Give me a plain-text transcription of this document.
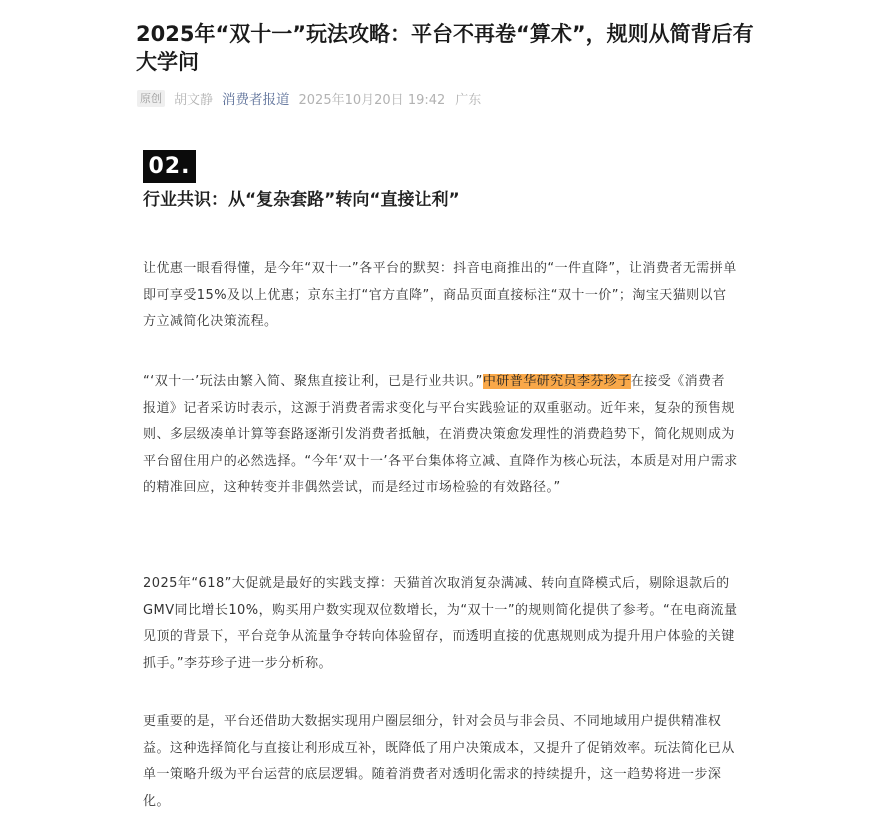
2025年“双十一”玩法攻略：平台不再卷“算术”，规则从简背后有大学问
原创 胡文静 消费者报道 2025年10月20日 19:42 广东
02.
行业共识：从“复杂套路”转向“直接让利”

让优惠一眼看得懂，是今年“双十一”各平台的默契：抖音电商推出的“一件直降”，让消费者无需拼单即可享受15%及以上优惠；京东主打“官方直降”，商品页面直接标注“双十一价”；淘宝天猫则以官方立减简化决策流程。

“‘双十一’玩法由繁入简、聚焦直接让利，已是行业共识。”中研普华研究员李芬珍子在接受《消费者报道》记者采访时表示，这源于消费者需求变化与平台实践验证的双重驱动。近年来，复杂的预售规则、多层级凑单计算等套路逐渐引发消费者抵触，在消费决策愈发理性的消费趋势下，简化规则成为平台留住用户的必然选择。“今年‘双十一’各平台集体将立减、直降作为核心玩法，本质是对用户需求的精准回应，这种转变并非偶然尝试，而是经过市场检验的有效路径。”

2025年“618”大促就是最好的实践支撑：天猫首次取消复杂满减、转向直降模式后，剔除退款后的GMV同比增长10%，购买用户数实现双位数增长，为“双十一”的规则简化提供了参考。“在电商流量见顶的背景下，平台竞争从流量争夺转向体验留存，而透明直接的优惠规则成为提升用户体验的关键抓手。”李芬珍子进一步分析称。

更重要的是，平台还借助大数据实现用户圈层细分，针对会员与非会员、不同地域用户提供精准权益。这种选择简化与直接让利形成互补，既降低了用户决策成本，又提升了促销效率。玩法简化已从单一策略升级为平台运营的底层逻辑。随着消费者对透明化需求的持续提升，这一趋势将进一步深化。
